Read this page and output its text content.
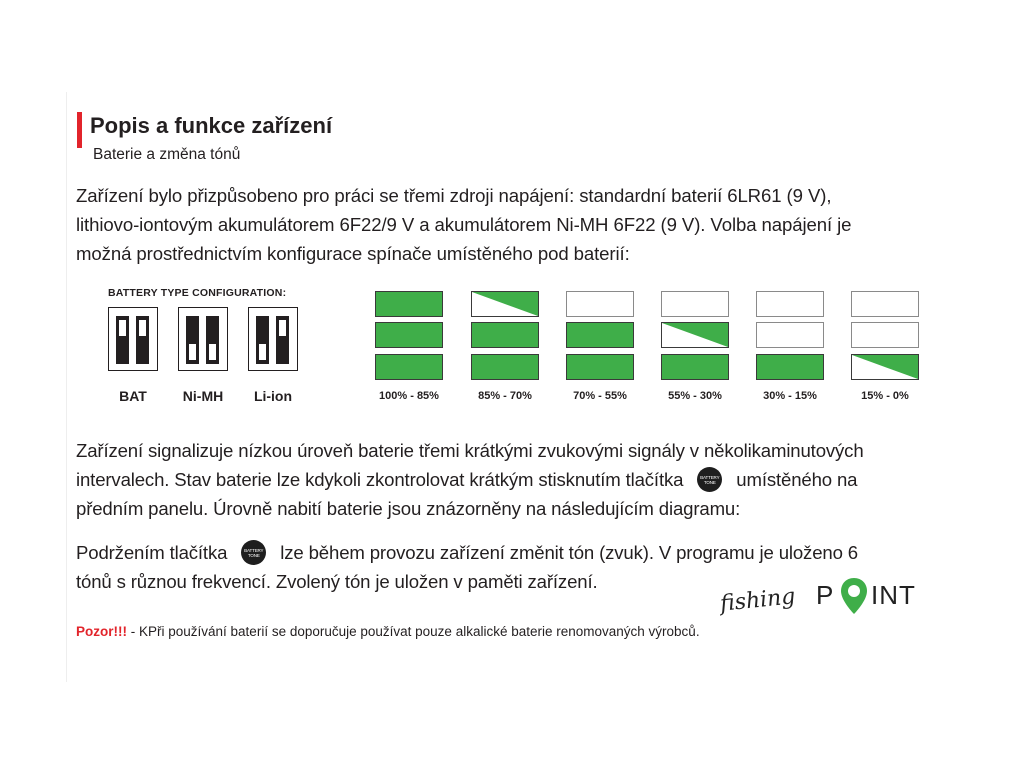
Popis a funkce zařízení
Baterie a změna tónů
Zařízení bylo přizpůsobeno pro práci se třemi zdroji napájení: standardní baterií 6LR61 (9 V),
lithiovo-iontovým akumulátorem 6F22/9 V a akumulátorem Ni-MH 6F22 (9 V). Volba napájení je
možná prostřednictvím konfigurace spínače umístěného pod baterií:
BATTERY TYPE CONFIGURATION:
BAT	Ni-MH	Li-ion	100% - 85%	85% - 70%	70% - 55%	55% - 30%	30% - 15%	15% - 0%
Zařízení signalizuje nízkou úroveň baterie třemi krátkými zvukovými signály v několikaminutových
intervalech. Stav baterie lze kdykoli zkontrolovat krátkým stisknutím tlačítka	BATTERY
TONE	umístěného na
předním panelu. Úrovně nabití baterie jsou znázorněny na následujícím diagramu:
Podržením tlačítka	BATTERY
TONE	lze během provozu zařízení změnit tón (zvuk). V programu je uloženo 6
tónů s různou frekvencí. Zvolený tón je uložen v paměti zařízení.
fishing P INT
Pozor!!! - KPři používání baterií se doporučuje používat pouze alkalické baterie renomovaných výrobců.
